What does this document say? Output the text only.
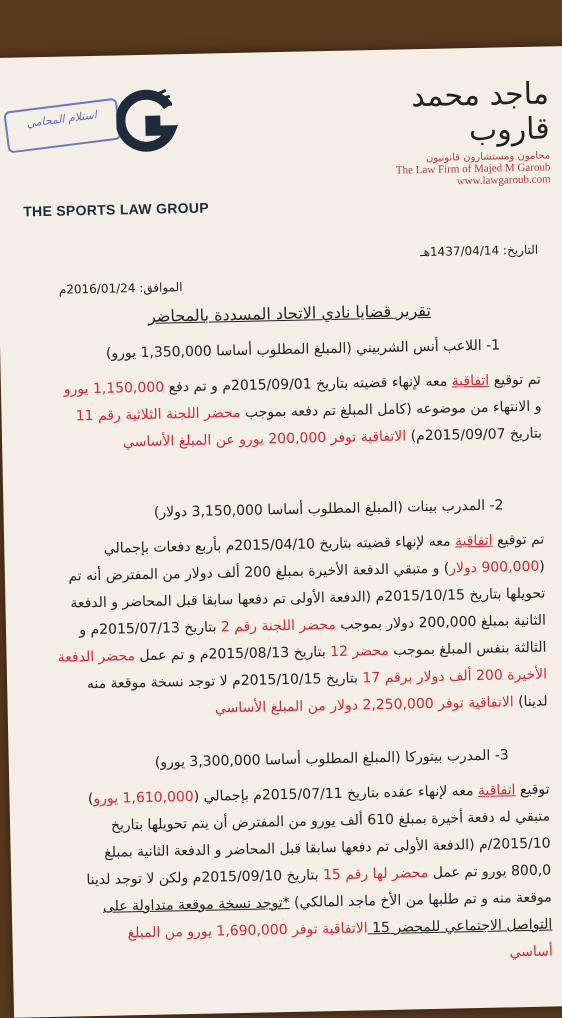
استلام المحامي
THE SPORTS LAW GROUP
ماجد محمد قاروب
محامون ومستشارون قانونيون
The Law Firm of Majed M Garoub
www.lawgaroub.com
التاريخ: 1437/04/14هـ
الموافق: 2016/01/24م
تقرير قضايا نادي الاتحاد المسددة بالمحاضر
1- اللاعب أنس الشربيني (المبلغ المطلوب أساسا 1,350,000 يورو)
تم توقيع اتفاقية معه لإنهاء قضيته بتاريخ 2015/09/01م و تم دفع 1,150,000 يورو
و الانتهاء من موضوعه (كامل المبلغ تم دفعه بموجب محضر اللجنة الثلاثية رقم 11
بتاريخ 2015/09/07م) الاتفاقية توفر 200,000 يورو عن المبلغ الأساسي
2- المدرب بينات (المبلغ المطلوب أساسا 3,150,000 دولار)
تم توقيع اتفاقية معه لإنهاء قضيته بتاريخ 2015/04/10م بأربع دفعات بإجمالي
(900,000 دولار) و متبقي الدفعة الأخيرة بمبلغ 200 ألف دولار من المفترض أنه تم
تحويلها بتاريخ 2015/10/15م (الدفعة الأولى تم دفعها سابقا قبل المحاضر و الدفعة
الثانية بمبلغ 200,000 دولار بموجب محضر اللجنة رقم 2 بتاريخ 2015/07/13م و
الثالثة بنفس المبلغ بموجب محضر 12 بتاريخ 2015/08/13م و تم عمل محضر الدفعة
الأخيرة 200 ألف دولار برقم 17 بتاريخ 2015/10/15م لا توجد نسخة موقعة منه
لدينا) الاتفاقية توفر 2,250,000 دولار من المبلغ الأساسي
3- المدرب بيتوركا (المبلغ المطلوب أساسا 3,300,000 يورو)
توقيع اتفاقية معه لإنهاء عقده بتاريخ 2015/07/11م بإجمالي (1,610,000 يورو)
متبقي له دفعة أخيرة بمبلغ 610 ألف يورو من المفترض أن يتم تحويلها بتاريخ
2015/10/م (الدفعة الأولى تم دفعها سابقا قبل المحاضر و الدفعة الثانية بمبلغ
800,0 يورو تم عمل محضر لها رقم 15 بتاريخ 2015/09/10م ولكن لا توجد لدينا
موقعة منه و تم طلبها من الأخ ماجد المالكي) *توجد نسخة موقعة متداولة على
التواصل الاجتماعي للمحضر 15 الاتفاقية توفر 1,690,000 يورو من المبلغ
أساسي
